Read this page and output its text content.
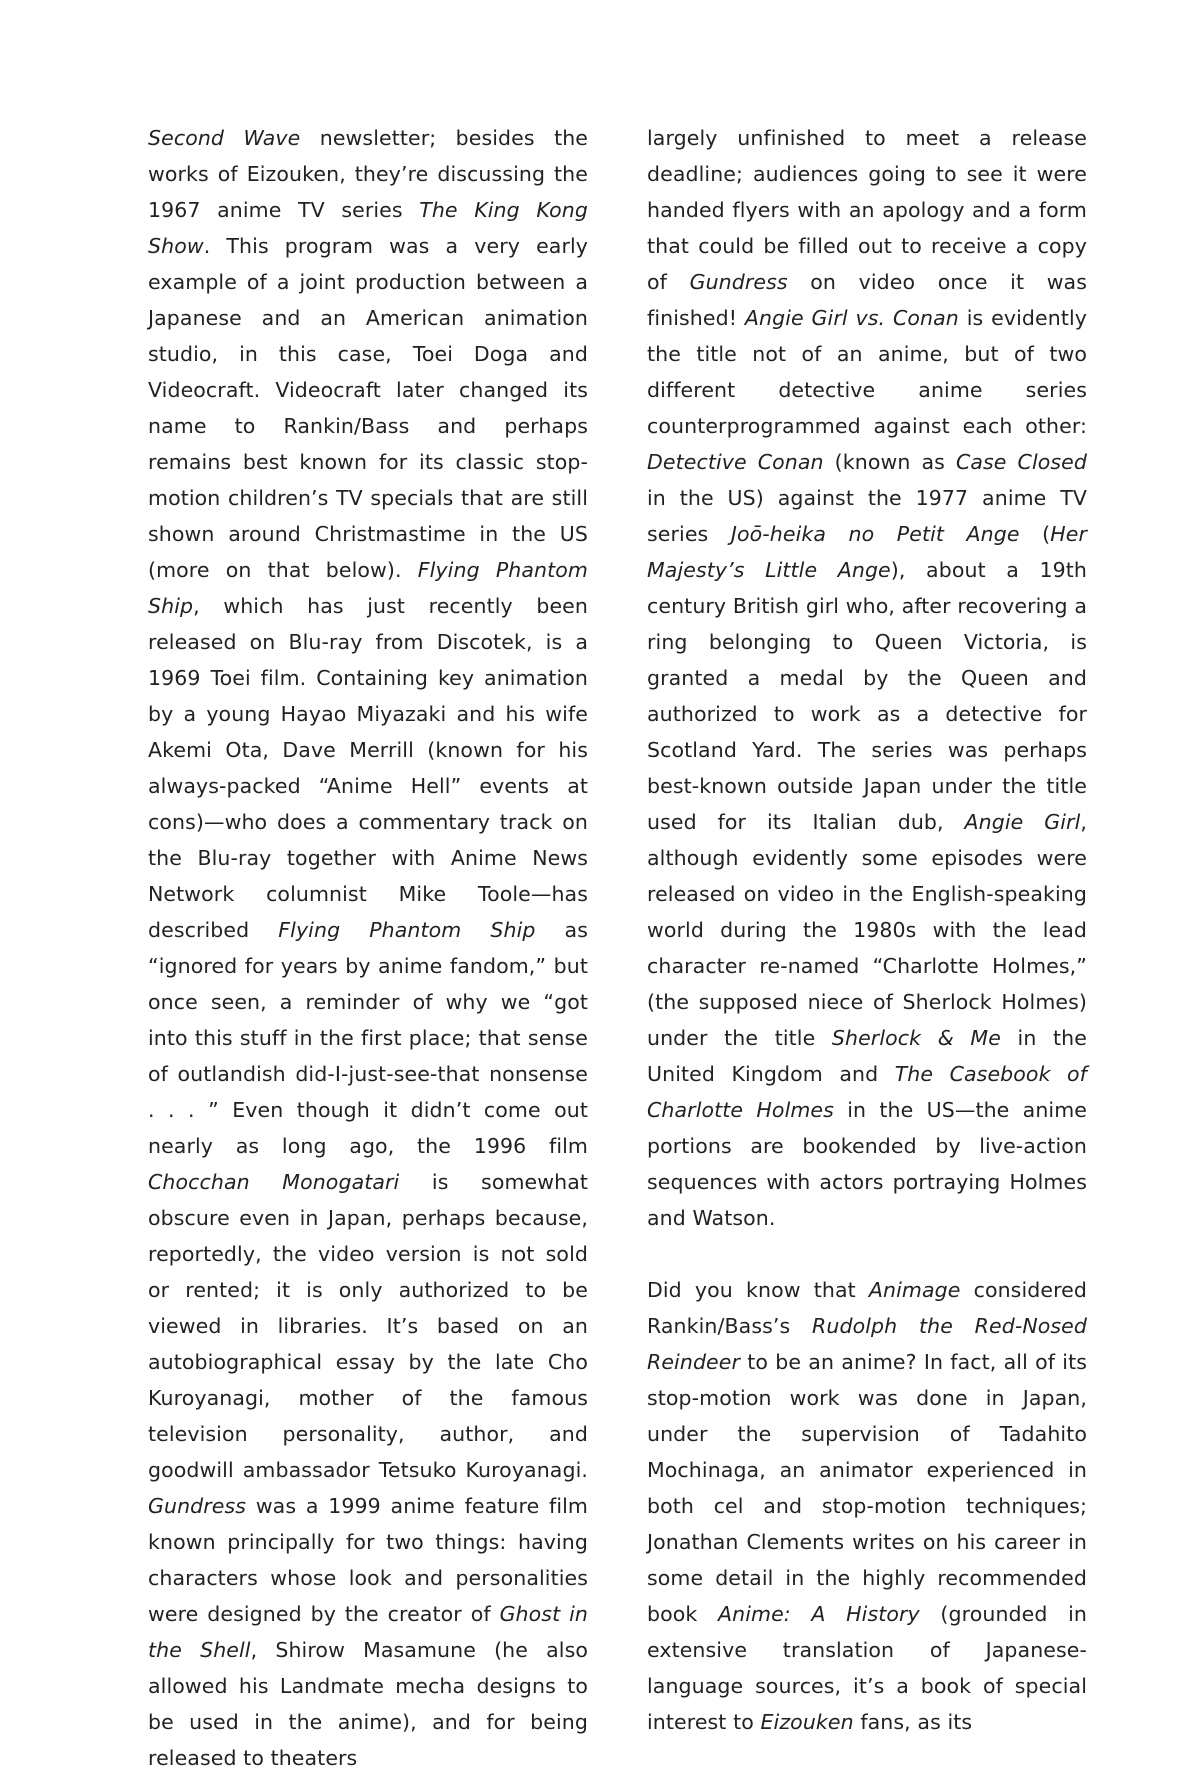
Second Wave newsletter; besides the works of Eizouken, they’re discussing the 1967 anime TV series The King Kong Show. This program was a very early example of a joint production between a Japanese and an American animation studio, in this case, Toei Doga and Videocraft. Videocraft later changed its name to Rankin/Bass and perhaps remains best known for its classic stop-motion children’s TV specials that are still shown around Christmastime in the US (more on that below). Flying Phantom Ship, which has just recently been released on Blu-ray from Discotek, is a 1969 Toei film. Containing key animation by a young Hayao Miyazaki and his wife Akemi Ota, Dave Merrill (known for his always-packed “Anime Hell” events at cons)—who does a commentary track on the Blu-ray together with Anime News Network columnist Mike Toole—has described Flying Phantom Ship as “ignored for years by anime fandom,” but once seen, a reminder of why we “got into this stuff in the first place; that sense of outlandish did-I-just-see-that nonsense . . . ” Even though it didn’t come out nearly as long ago, the 1996 film Chocchan Monogatari is somewhat obscure even in Japan, perhaps because, reportedly, the video version is not sold or rented; it is only authorized to be viewed in libraries. It’s based on an autobiographical essay by the late Cho Kuroyanagi, mother of the famous television personality, author, and goodwill ambassador Tetsuko Kuroyanagi. Gundress was a 1999 anime feature film known principally for two things: having characters whose look and personalities were designed by the creator of Ghost in the Shell, Shirow Masamune (he also allowed his Landmate mecha designs to be used in the anime), and for being released to theaters

largely unfinished to meet a release deadline; audiences going to see it were handed flyers with an apology and a form that could be filled out to receive a copy of Gundress on video once it was finished! Angie Girl vs. Conan is evidently the title not of an anime, but of two different detective anime series counterprogrammed against each other: Detective Conan (known as Case Closed in the US) against the 1977 anime TV series Joō-heika no Petit Ange (Her Majesty’s Little Ange), about a 19th century British girl who, after recovering a ring belonging to Queen Victoria, is granted a medal by the Queen and authorized to work as a detective for Scotland Yard. The series was perhaps best-known outside Japan under the title used for its Italian dub, Angie Girl, although evidently some episodes were released on video in the English-speaking world during the 1980s with the lead character re-named “Charlotte Holmes,” (the supposed niece of Sherlock Holmes) under the title Sherlock & Me in the United Kingdom and The Casebook of Charlotte Holmes in the US—the anime portions are bookended by live-action sequences with actors portraying Holmes and Watson.

Did you know that Animage considered Rankin/Bass’s Rudolph the Red-Nosed Reindeer to be an anime? In fact, all of its stop-motion work was done in Japan, under the supervision of Tadahito Mochinaga, an animator experienced in both cel and stop-motion techniques; Jonathan Clements writes on his career in some detail in the highly recommended book Anime: A History (grounded in extensive translation of Japanese-language sources, it’s a book of special interest to Eizouken fans, as its
